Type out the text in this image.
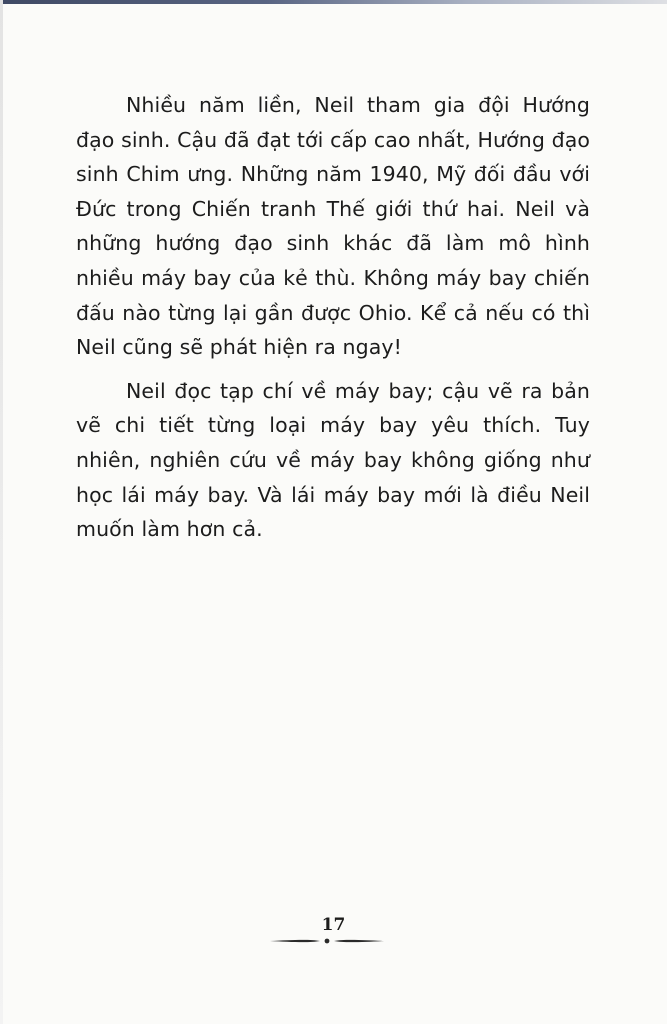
Nhiều năm liền, Neil tham gia đội Hướng đạo sinh. Cậu đã đạt tới cấp cao nhất, Hướng đạo sinh Chim ưng. Những năm 1940, Mỹ đối đầu với Đức trong Chiến tranh Thế giới thứ hai. Neil và những hướng đạo sinh khác đã làm mô hình nhiều máy bay của kẻ thù. Không máy bay chiến đấu nào từng lại gần được Ohio. Kể cả nếu có thì Neil cũng sẽ phát hiện ra ngay!

Neil đọc tạp chí về máy bay; cậu vẽ ra bản vẽ chi tiết từng loại máy bay yêu thích. Tuy nhiên, nghiên cứu về máy bay không giống như học lái máy bay. Và lái máy bay mới là điều Neil muốn làm hơn cả.

17
